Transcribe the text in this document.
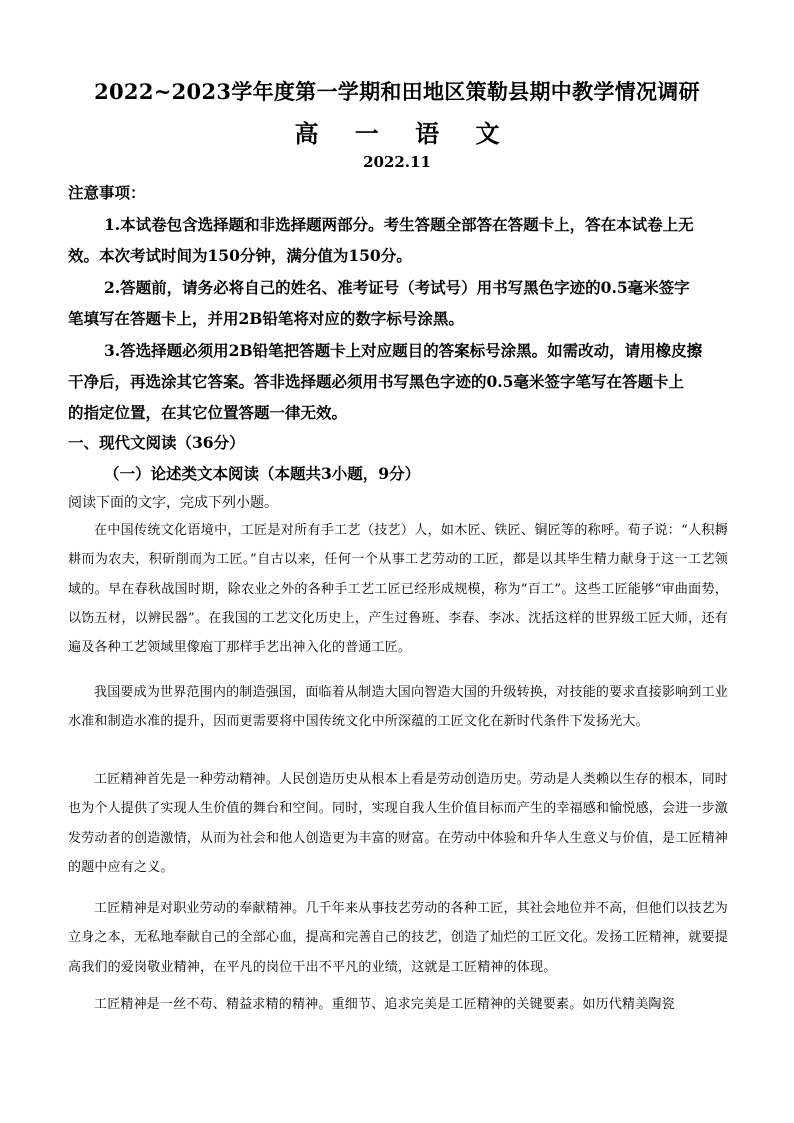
2022~2023学年度第一学期和田地区策勒县期中教学情况调研
高 一 语 文
2022.11
注意事项：
1.本试卷包含选择题和非选择题两部分。考生答题全部答在答题卡上，答在本试卷上无
效。本次考试时间为150分钟，满分值为150分。
2.答题前，请务必将自己的姓名、准考证号（考试号）用书写黑色字迹的0.5毫米签字
笔填写在答题卡上，并用2B铅笔将对应的数字标号涂黑。
3.答选择题必须用2B铅笔把答题卡上对应题目的答案标号涂黑。如需改动，请用橡皮擦
干净后，再选涂其它答案。答非选择题必须用书写黑色字迹的0.5毫米签字笔写在答题卡上
的指定位置，在其它位置答题一律无效。
一、现代文阅读（36分）
（一）论述类文本阅读（本题共3小题，9分）
阅读下面的文字，完成下列小题。
在中国传统文化语境中，工匠是对所有手工艺（技艺）人，如木匠、铁匠、铜匠等的称呼。荀子说：“人积耨耕而为农夫，积斫削而为工匠。”自古以来，任何一个从事工艺劳动的工匠，都是以其毕生精力献身于这一工艺领域的。早在春秋战国时期，除农业之外的各种手工艺工匠已经形成规模，称为“百工”。这些工匠能够“审曲面势，以饬五材，以辨民器”。在我国的工艺文化历史上，产生过鲁班、李春、李冰、沈括这样的世界级工匠大师，还有遍及各种工艺领域里像庖丁那样手艺出神入化的普通工匠。
我国要成为世界范围内的制造强国，面临着从制造大国向智造大国的升级转换，对技能的要求直接影响到工业水准和制造水准的提升，因而更需要将中国传统文化中所深蕴的工匠文化在新时代条件下发扬光大。
工匠精神首先是一种劳动精神。人民创造历史从根本上看是劳动创造历史。劳动是人类赖以生存的根本，同时也为个人提供了实现人生价值的舞台和空间。同时，实现自我人生价值目标而产生的幸福感和愉悦感，会进一步激发劳动者的创造激情，从而为社会和他人创造更为丰富的财富。在劳动中体验和升华人生意义与价值，是工匠精神的题中应有之义。
工匠精神是对职业劳动的奉献精神。几千年来从事技艺劳动的各种工匠，其社会地位并不高，但他们以技艺为立身之本，无私地奉献自己的全部心血，提高和完善自己的技艺，创造了灿烂的工匠文化。发扬工匠精神，就要提高我们的爱岗敬业精神，在平凡的岗位干出不平凡的业绩，这就是工匠精神的体现。
工匠精神是一丝不苟、精益求精的精神。重细节、追求完美是工匠精神的关键要素。如历代精美陶瓷
